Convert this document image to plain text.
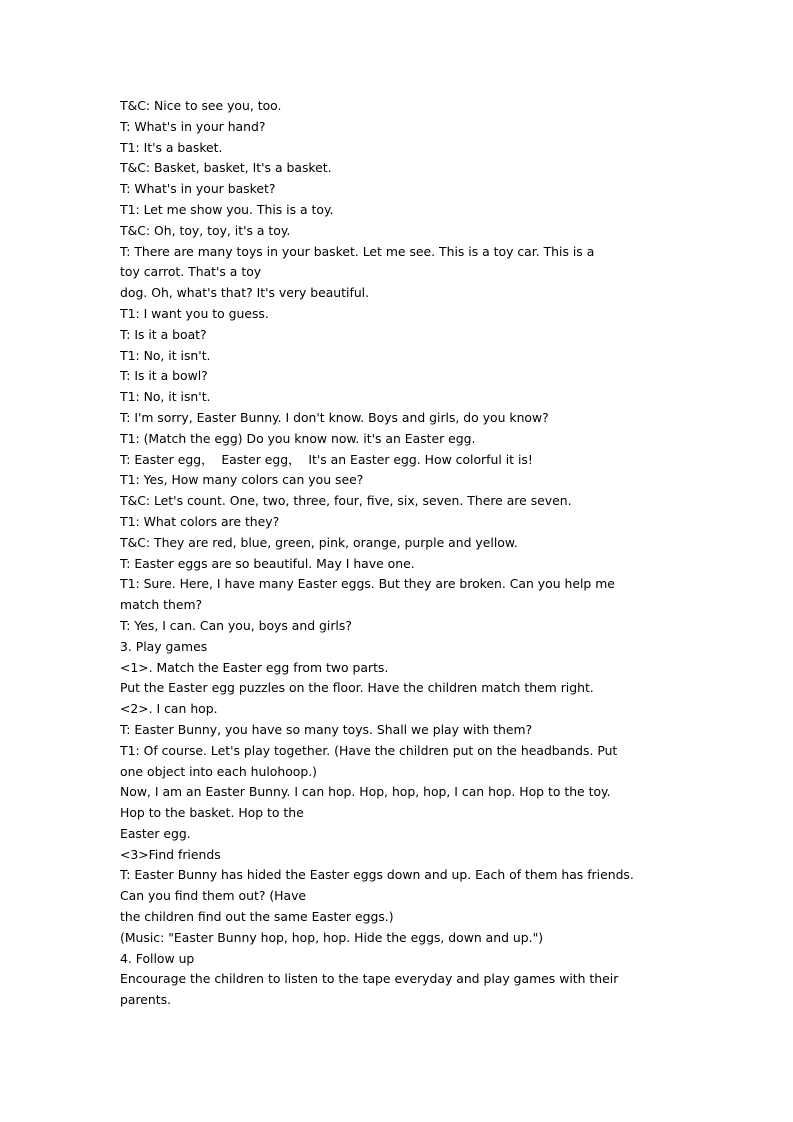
T&C: Nice to see you, too.
T: What's in your hand?
T1: It's a basket.
T&C: Basket, basket, It's a basket.
T: What's in your basket?
T1: Let me show you. This is a toy.
T&C: Oh, toy, toy, it's a toy.
T: There are many toys in your basket. Let me see. This is a toy car. This is a
toy carrot. That's a toy
dog. Oh, what's that? It's very beautiful.
T1: I want you to guess.
T: Is it a boat?
T1: No, it isn't.
T: Is it a bowl?
T1: No, it isn't.
T: I'm sorry, Easter Bunny. I don't know. Boys and girls, do you know?
T1: (Match the egg) Do you know now. it's an Easter egg.
T: Easter egg，  Easter egg，  It's an Easter egg. How colorful it is!
T1: Yes, How many colors can you see?
T&C: Let's count. One, two, three, four, five, six, seven. There are seven.
T1: What colors are they?
T&C: They are red, blue, green, pink, orange, purple and yellow.
T: Easter eggs are so beautiful. May I have one.
T1: Sure. Here, I have many Easter eggs. But they are broken. Can you help me
match them?
T: Yes, I can. Can you, boys and girls?
3. Play games
<1>. Match the Easter egg from two parts.
Put the Easter egg puzzles on the floor. Have the children match them right.
<2>. I can hop.
T: Easter Bunny, you have so many toys. Shall we play with them?
T1: Of course. Let's play together. (Have the children put on the headbands. Put
one object into each hulohoop.)
Now, I am an Easter Bunny. I can hop. Hop, hop, hop, I can hop. Hop to the toy.
Hop to the basket. Hop to the
Easter egg.
<3>Find friends
T: Easter Bunny has hided the Easter eggs down and up. Each of them has friends.
Can you find them out? (Have
the children find out the same Easter eggs.)
(Music: "Easter Bunny hop, hop, hop. Hide the eggs, down and up.")
4. Follow up
Encourage the children to listen to the tape everyday and play games with their
parents.
